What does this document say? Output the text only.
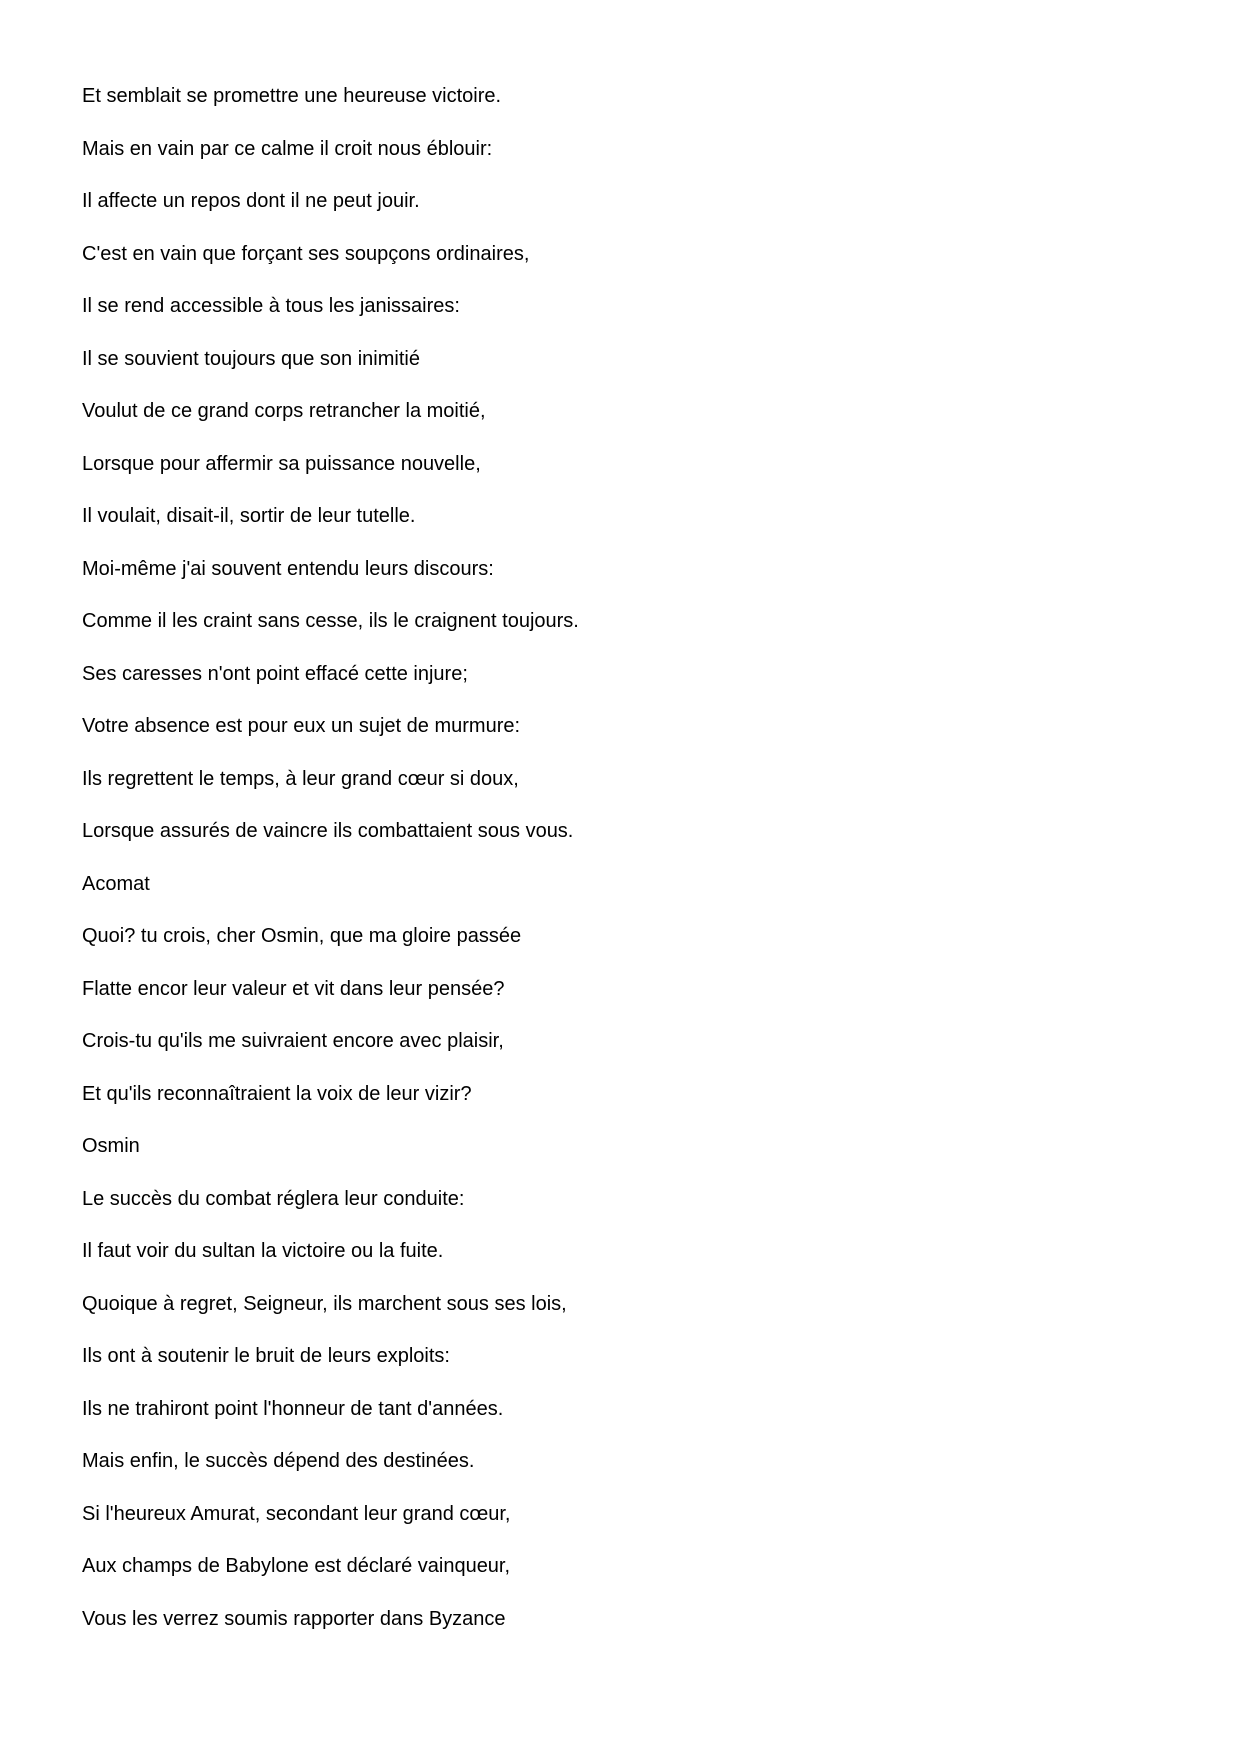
Et semblait se promettre une heureuse victoire.
Mais en vain par ce calme il croit nous éblouir:
Il affecte un repos dont il ne peut jouir.
C'est en vain que forçant ses soupçons ordinaires,
Il se rend accessible à tous les janissaires:
Il se souvient toujours que son inimitié
Voulut de ce grand corps retrancher la moitié,
Lorsque pour affermir sa puissance nouvelle,
Il voulait, disait-il, sortir de leur tutelle.
Moi-même j'ai souvent entendu leurs discours:
Comme il les craint sans cesse, ils le craignent toujours.
Ses caresses n'ont point effacé cette injure;
Votre absence est pour eux un sujet de murmure:
Ils regrettent le temps, à leur grand cœur si doux,
Lorsque assurés de vaincre ils combattaient sous vous.
Acomat
Quoi? tu crois, cher Osmin, que ma gloire passée
Flatte encor leur valeur et vit dans leur pensée?
Crois-tu qu'ils me suivraient encore avec plaisir,
Et qu'ils reconnaîtraient la voix de leur vizir?
Osmin
Le succès du combat réglera leur conduite:
Il faut voir du sultan la victoire ou la fuite.
Quoique à regret, Seigneur, ils marchent sous ses lois,
Ils ont à soutenir le bruit de leurs exploits:
Ils ne trahiront point l'honneur de tant d'années.
Mais enfin, le succès dépend des destinées.
Si l'heureux Amurat, secondant leur grand cœur,
Aux champs de Babylone est déclaré vainqueur,
Vous les verrez soumis rapporter dans Byzance
